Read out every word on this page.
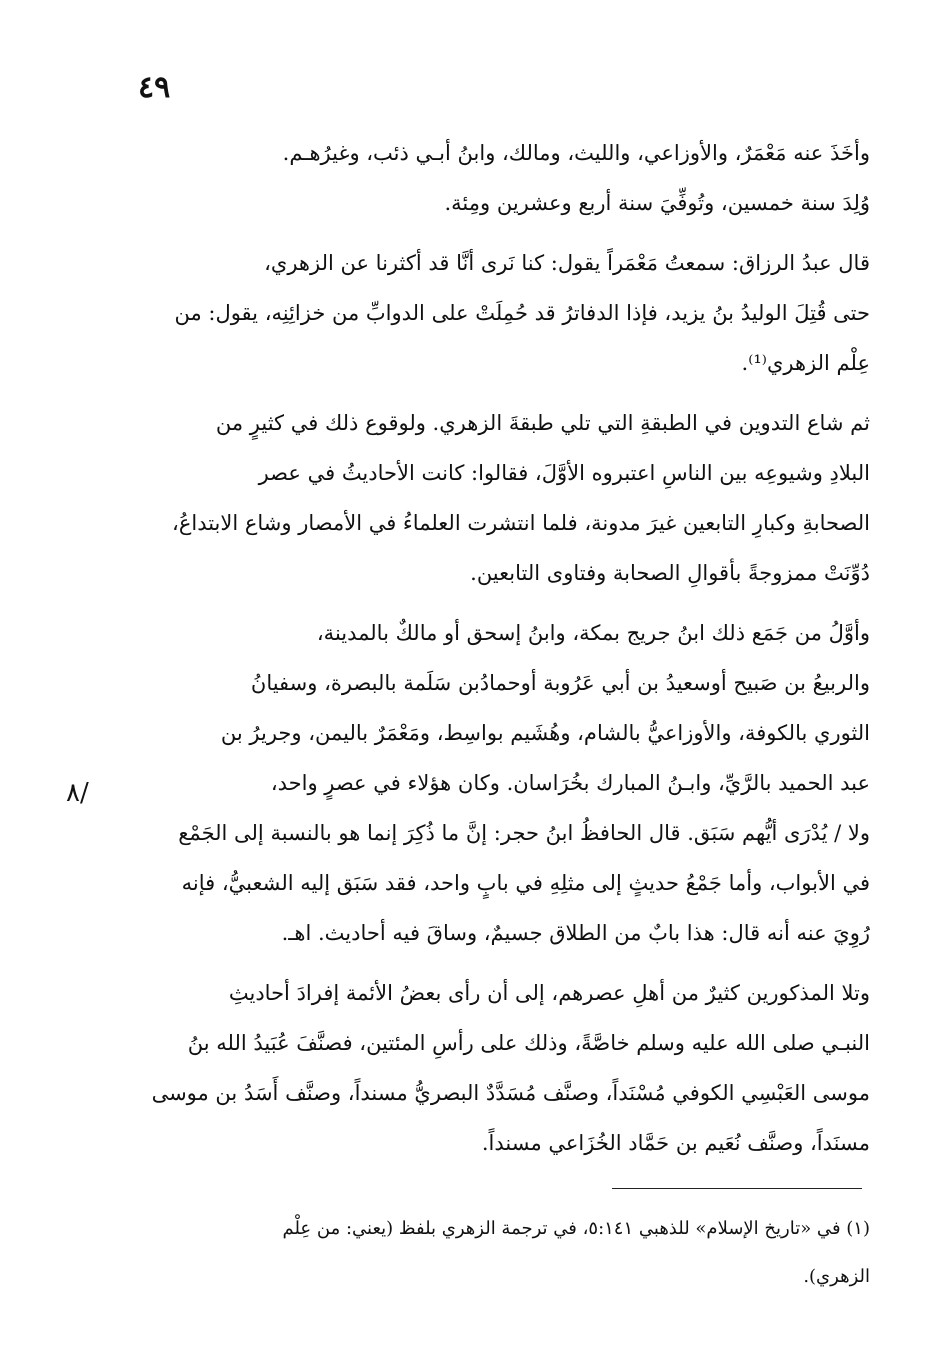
٤٩
٨/

وأخَذَ عنه مَعْمَرٌ، والأوزاعي، والليث، ومالك، وابنُ أبـي ذئب، وغيرُهـم.

وُلِدَ سنة خمسين، وتُوفِّيَ سنة أربع وعشرين ومِئة.

قال عبدُ الرزاق: سمعتُ مَعْمَراً يقول: كنا نَرى أنَّا قد أكثرنا عن الزهري،

حتى قُتِلَ الوليدُ بنُ يزيد، فإذا الدفاترُ قد حُمِلَتْ على الدوابِّ من خزائِنِه، يقول: من

عِلْم الزهري⁽¹⁾.

ثم شاع التدوين في الطبقةِ التي تلي طبقةَ الزهري. ولوقوع ذلك في كثيرٍ من

البلادِ وشيوعِه بين الناسِ اعتبروه الأوَّلَ، فقالوا: كانت الأحاديثُ في عصر

الصحابةِ وكبارِ التابعين غيرَ مدونة، فلما انتشرت العلماءُ في الأمصار وشاع الابتداعُ،

دُوِّنَتْ ممزوجةً بأقوالِ الصحابة وفتاوى التابعين.

وأوَّلُ من جَمَع ذلك ابنُ جريج بمكة، وابنُ إسحق أو مالكٌ بالمدينة،

والربيعُ بن صَبيح أوسعيدُ بن أبي عَرُوبة أوحمادُبن سَلَمة بالبصرة، وسفيانُ

الثوري بالكوفة، والأوزاعيُّ بالشام، وهُشَيم بواسِط، ومَعْمَرٌ باليمن، وجريرُ بن

عبد الحميد بالرَّيِّ، وابـنُ المبارك بخُرَاسان. وكان هؤلاء في عصرٍ واحد،

ولا / يُدْرَى أيُّهم سَبَق. قال الحافظُ ابنُ حجر: إنَّ ما ذُكِرَ إنما هو بالنسبة إلى الجَمْع

في الأبواب، وأما جَمْعُ حديثٍ إلى مثلِهِ في بابٍ واحد، فقد سَبَق إليه الشعبيُّ، فإنه

رُوِيَ عنه أنه قال: هذا بابٌ من الطلاق جسيمٌ، وساقَ فيه أحاديث. اهـ.

وتلا المذكورين كثيرٌ من أهلِ عصرهم، إلى أن رأى بعضُ الأئمة إفرادَ أحاديثِ

النبـي صلى الله عليه وسلم خاصَّةً، وذلك على رأسِ المئتين، فصنَّفَ عُبَيدُ الله بنُ

موسى العَبْسِي الكوفي مُسْنَداً، وصنَّف مُسَدَّدٌ البصريُّ مسنداً، وصنَّف أَسَدُ بن موسى

مسنَداً، وصنَّف نُعَيم بن حَمَّاد الخُزَاعي مسنداً.

(١) في «تاريخ الإسلام» للذهبي ٥:١٤١، في ترجمة الزهري بلفظ (يعني: من عِلْم

الزهري).
